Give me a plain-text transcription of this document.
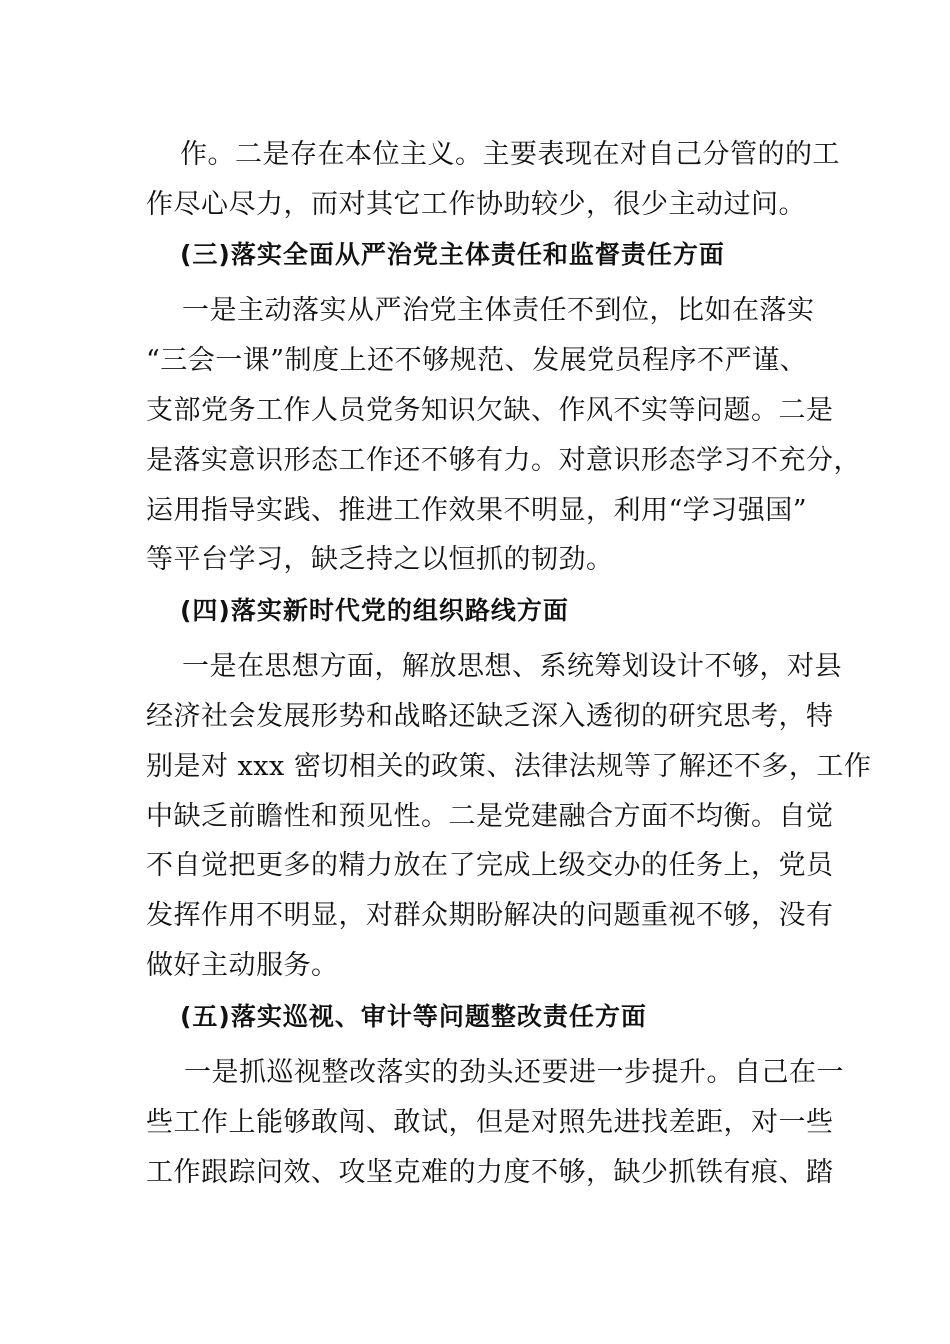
作。二是存在本位主义。主要表现在对自己分管的的工
作尽心尽力，而对其它工作协助较少，很少主动过问。
(三)落实全面从严治党主体责任和监督责任方面
一是主动落实从严治党主体责任不到位，比如在落实
“三会一课”制度上还不够规范、发展党员程序不严谨、
支部党务工作人员党务知识欠缺、作风不实等问题。二是
是落实意识形态工作还不够有力。对意识形态学习不充分，
运用指导实践、推进工作效果不明显，利用“学习强国”
等平台学习，缺乏持之以恒抓的韧劲。
(四)落实新时代党的组织路线方面
一是在思想方面，解放思想、系统筹划设计不够，对县
经济社会发展形势和战略还缺乏深入透彻的研究思考，特
别是对 xxx 密切相关的政策、法律法规等了解还不多，工作
中缺乏前瞻性和预见性。二是党建融合方面不均衡。自觉
不自觉把更多的精力放在了完成上级交办的任务上，党员
发挥作用不明显，对群众期盼解决的问题重视不够，没有
做好主动服务。
(五)落实巡视、审计等问题整改责任方面
一是抓巡视整改落实的劲头还要进一步提升。自己在一
些工作上能够敢闯、敢试，但是对照先进找差距，对一些
工作跟踪问效、攻坚克难的力度不够，缺少抓铁有痕、踏
